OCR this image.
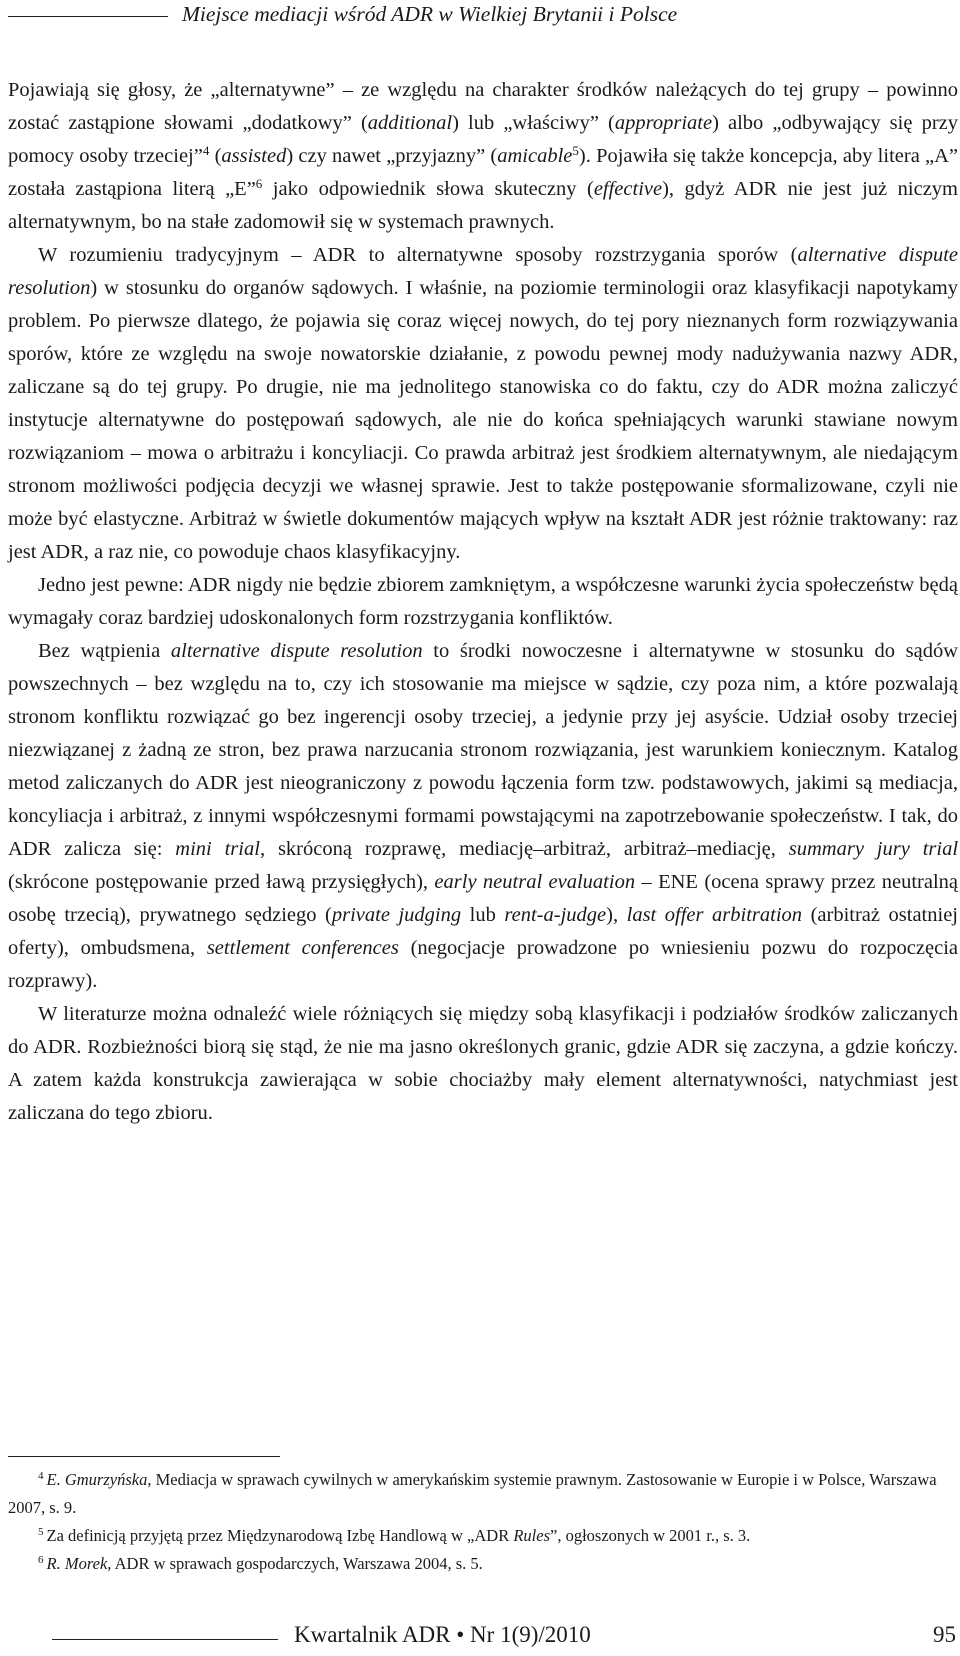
Miejsce mediacji wśród ADR w Wielkiej Brytanii i Polsce

Pojawiają się głosy, że „alternatywne” – ze względu na charakter środków należących do tej grupy – powinno zostać zastąpione słowami „dodatkowy” (additional) lub „właściwy” (appropriate) albo „odbywający się przy pomocy osoby trzeciej”$^4$ (assisted) czy nawet „przyjazny” (amicable$^5$). Pojawiła się także koncepcja, aby litera „A” została zastąpiona literą „E”$^6$ jako odpowiednik słowa skuteczny (effective), gdyż ADR nie jest już niczym alternatywnym, bo na stałe zadomowił się w systemach prawnych.

W rozumieniu tradycyjnym – ADR to alternatywne sposoby rozstrzygania sporów (alternative dispute resolution) w stosunku do organów sądowych. I właśnie, na poziomie terminologii oraz klasyfikacji napotykamy problem. Po pierwsze dlatego, że pojawia się coraz więcej nowych, do tej pory nieznanych form rozwiązywania sporów, które ze względu na swoje nowatorskie działanie, z powodu pewnej mody nadużywania nazwy ADR, zaliczane są do tej grupy. Po drugie, nie ma jednolitego stanowiska co do faktu, czy do ADR można zaliczyć instytucje alternatywne do postępowań sądowych, ale nie do końca spełniających warunki stawiane nowym rozwiązaniom – mowa o arbitrażu i koncyliacji. Co prawda arbitraż jest środkiem alternatywnym, ale niedającym stronom możliwości podjęcia decyzji we własnej sprawie. Jest to także postępowanie sformalizowane, czyli nie może być elastyczne. Arbitraż w świetle dokumentów mających wpływ na kształt ADR jest różnie traktowany: raz jest ADR, a raz nie, co powoduje chaos klasyfikacyjny.

Jedno jest pewne: ADR nigdy nie będzie zbiorem zamkniętym, a współczesne warunki życia społeczeństw będą wymagały coraz bardziej udoskonalonych form rozstrzygania konfliktów.

Bez wątpienia alternative dispute resolution to środki nowoczesne i alternatywne w stosunku do sądów powszechnych – bez względu na to, czy ich stosowanie ma miejsce w sądzie, czy poza nim, a które pozwalają stronom konfliktu rozwiązać go bez ingerencji osoby trzeciej, a jedynie przy jej asyście. Udział osoby trzeciej niezwiązanej z żadną ze stron, bez prawa narzucania stronom rozwiązania, jest warunkiem koniecznym. Katalog metod zaliczanych do ADR jest nieograniczony z powodu łączenia form tzw. podstawowych, jakimi są mediacja, koncyliacja i arbitraż, z innymi współczesnymi formami powstającymi na zapotrzebowanie społeczeństw. I tak, do ADR zalicza się: mini trial, skróconą rozprawę, mediację–arbitraż, arbitraż–mediację, summary jury trial (skrócone postępowanie przed ławą przysięgłych), early neutral evaluation – ENE (ocena sprawy przez neutralną osobę trzecią), prywatnego sędziego (private judging lub rent-a-judge), last offer arbitration (arbitraż ostatniej oferty), ombudsmena, settlement conferences (negocjacje prowadzone po wniesieniu pozwu do rozpoczęcia rozprawy).

W literaturze można odnaleźć wiele różniących się między sobą klasyfikacji i podziałów środków zaliczanych do ADR. Rozbieżności biorą się stąd, że nie ma jasno określonych granic, gdzie ADR się zaczyna, a gdzie kończy. A zatem każda konstrukcja zawierająca w sobie chociażby mały element alternatywności, natychmiast jest zaliczana do tego zbioru.

$^4$ E. Gmurzyńska, Mediacja w sprawach cywilnych w amerykańskim systemie prawnym. Zastosowanie w Europie i w Polsce, Warszawa 2007, s. 9.

$^5$ Za definicją przyjętą przez Międzynarodową Izbę Handlową w „ADR Rules”, ogłoszonych w 2001 r., s. 3.

$^6$ R. Morek, ADR w sprawach gospodarczych, Warszawa 2004, s. 5.

Kwartalnik ADR • Nr 1(9)/2010	95
